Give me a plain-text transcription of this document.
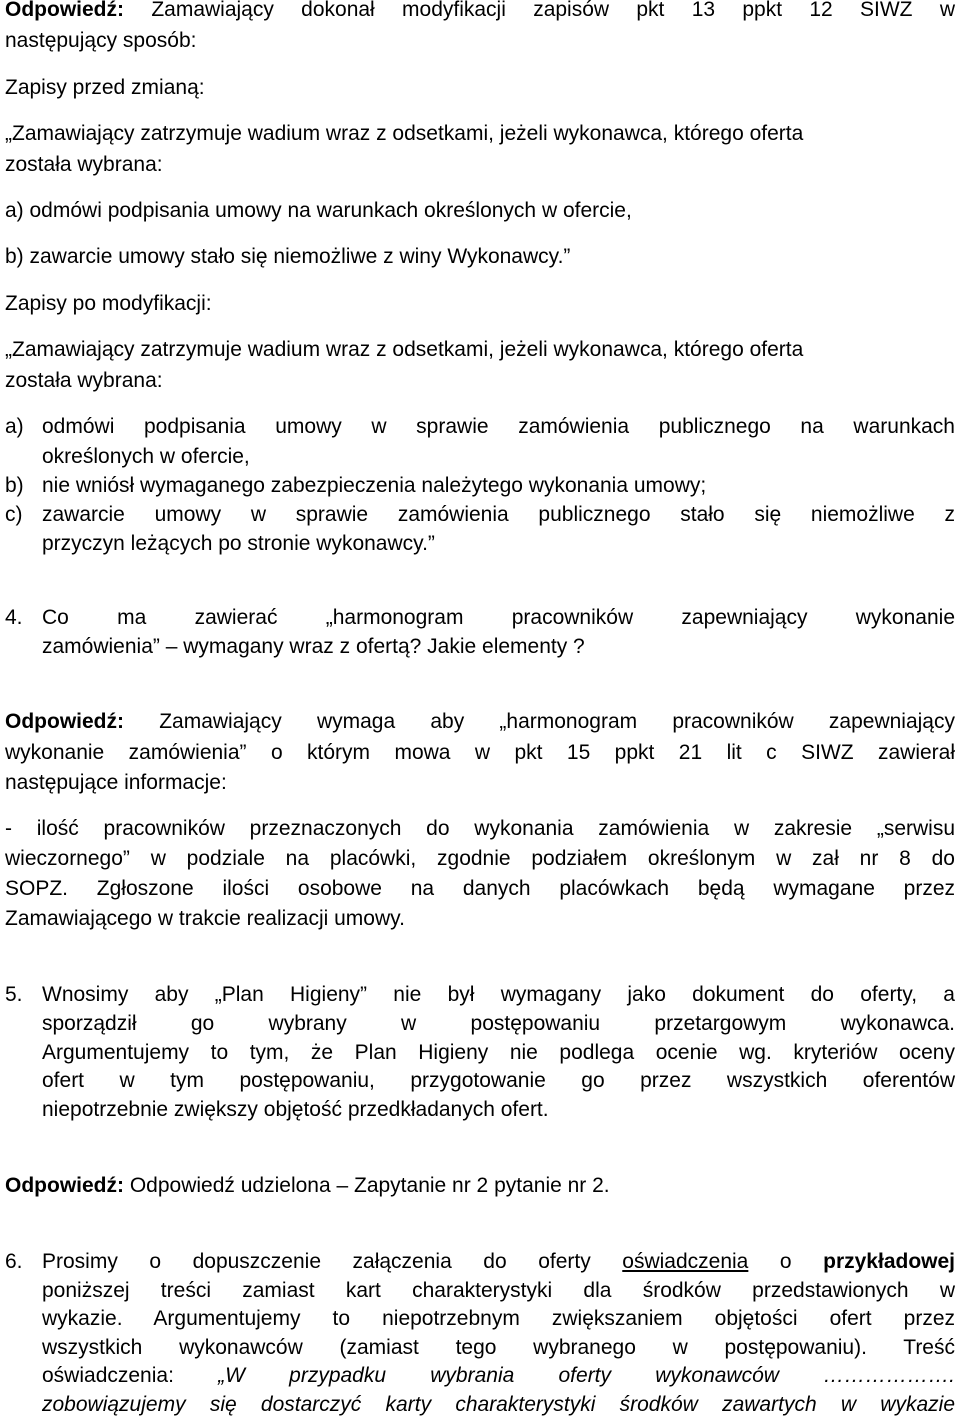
Odpowiedź: Zamawiający dokonał modyfikacji zapisów pkt 13 ppkt 12 SIWZ w
następujący sposób:
Zapisy przed zmianą:
„Zamawiający zatrzymuje wadium wraz z odsetkami, jeżeli wykonawca, którego oferta
została wybrana:
a) odmówi podpisania umowy na warunkach określonych w ofercie,
b) zawarcie umowy stało się niemożliwe z winy Wykonawcy.”
Zapisy po modyfikacji:
„Zamawiający zatrzymuje wadium wraz z odsetkami, jeżeli wykonawca, którego oferta
została wybrana:
a) odmówi podpisania umowy w sprawie zamówienia publicznego na warunkach
określonych w ofercie,
b) nie wniósł wymaganego zabezpieczenia należytego wykonania umowy;
c) zawarcie umowy w sprawie zamówienia publicznego stało się niemożliwe z
przyczyn leżących po stronie wykonawcy.”
4. Co ma zawierać „harmonogram pracowników zapewniający wykonanie
zamówienia” – wymagany wraz z ofertą? Jakie elementy ?
Odpowiedź: Zamawiający wymaga aby „harmonogram pracowników zapewniający
wykonanie zamówienia” o którym mowa w pkt 15 ppkt 21 lit c SIWZ zawierał
następujące informacje:
- ilość pracowników przeznaczonych do wykonania zamówienia w zakresie „serwisu
wieczornego” w podziale na placówki, zgodnie podziałem określonym w zał nr 8 do
SOPZ. Zgłoszone ilości osobowe na danych placówkach będą wymagane przez
Zamawiającego w trakcie realizacji umowy.
5. Wnosimy aby „Plan Higieny” nie był wymagany jako dokument do oferty, a
sporządził go wybrany w postępowaniu przetargowym wykonawca.
Argumentujemy to tym, że Plan Higieny nie podlega ocenie wg. kryteriów oceny
ofert w tym postępowaniu, przygotowanie go przez wszystkich oferentów
niepotrzebnie zwiększy objętość przedkładanych ofert.
Odpowiedź: Odpowiedź udzielona – Zapytanie nr 2 pytanie nr 2.
6. Prosimy o dopuszczenie załączenia do oferty oświadczenia o przykładowej
poniższej treści zamiast kart charakterystyki dla środków przedstawionych w
wykazie. Argumentujemy to niepotrzebnym zwiększaniem objętości ofert przez
wszystkich wykonawców (zamiast tego wybranego w postępowaniu). Treść
oświadczenia: „W przypadku wybrania oferty wykonawców ……………….
zobowiązujemy się dostarczyć karty charakterystyki środków zawartych w wykazie
